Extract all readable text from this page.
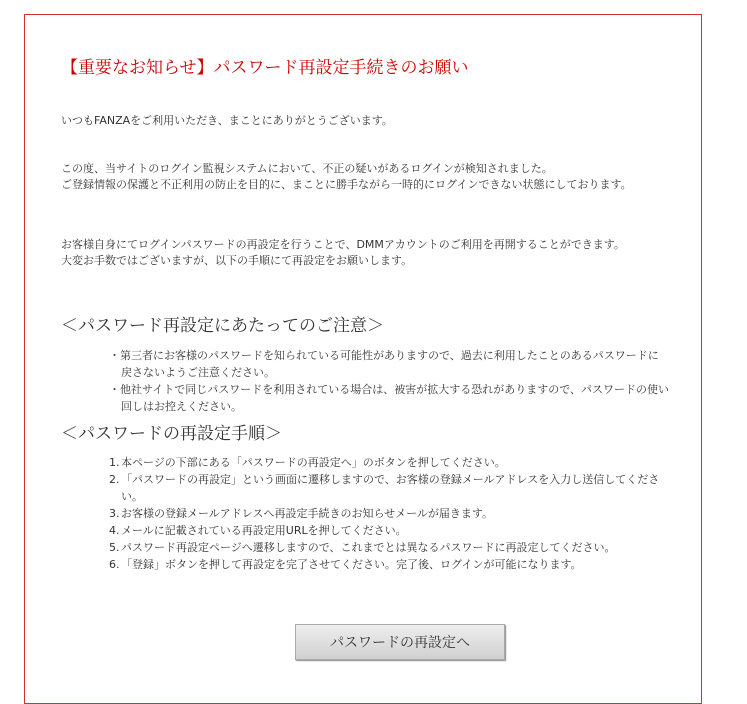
【重要なお知らせ】パスワード再設定手続きのお願い

いつもFANZAをご利用いただき、まことにありがとうございます。

この度、当サイトのログイン監視システムにおいて、不正の疑いがあるログインが検知されました。
ご登録情報の保護と不正利用の防止を目的に、まことに勝手ながら一時的にログインできない状態にしております。

お客様自身にてログインパスワードの再設定を行うことで、DMMアカウントのご利用を再開することができます。
大変お手数ではございますが、以下の手順にて再設定をお願いします。

＜パスワード再設定にあたってのご注意＞
・第三者にお客様のパスワードを知られている可能性がありますので、過去に利用したことのあるパスワードに戻さないようご注意ください。
・他社サイトで同じパスワードを利用されている場合は、被害が拡大する恐れがありますので、パスワードの使い回しはお控えください。
＜パスワードの再設定手順＞
1. 本ページの下部にある「パスワードの再設定へ」のボタンを押してください。
2. 「パスワードの再設定」という画面に遷移しますので、お客様の登録メールアドレスを入力し送信してください。
3. お客様の登録メールアドレスへ再設定手続きのお知らせメールが届きます。
4. メールに記載されている再設定用URLを押してください。
5. パスワード再設定ページへ遷移しますので、これまでとは異なるパスワードに再設定してください。
6. 「登録」ボタンを押して再設定を完了させてください。完了後、ログインが可能になります。
パスワードの再設定へ
